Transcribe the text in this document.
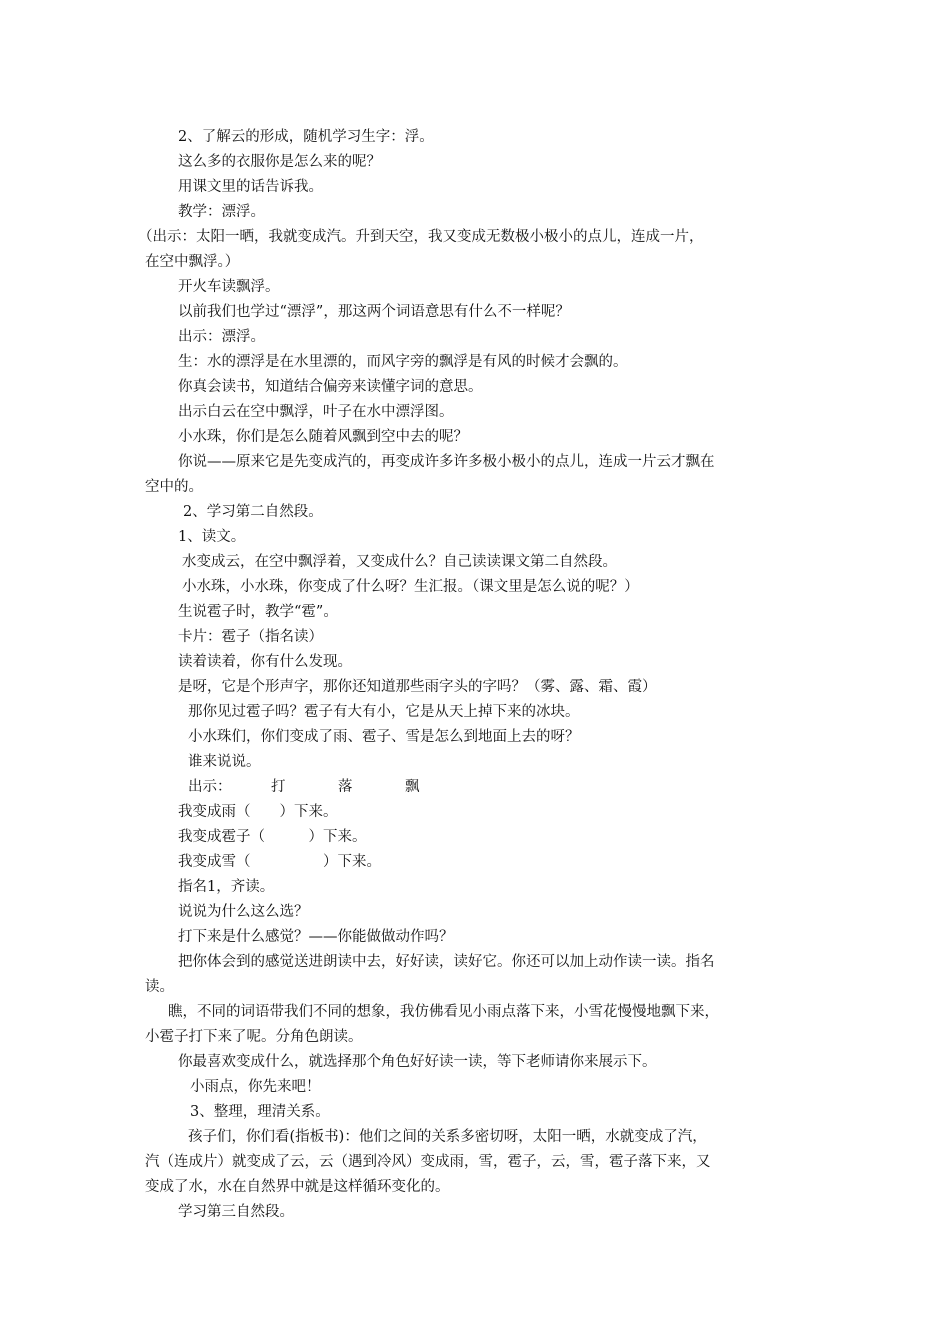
2、了解云的形成，随机学习生字：浮。
这么多的衣服你是怎么来的呢？
用课文里的话告诉我。
教学：漂浮。
（出示：太阳一晒，我就变成汽。升到天空，我又变成无数极小极小的点儿，连成一片，
在空中飘浮。）
开火车读飘浮。
以前我们也学过“漂浮”，那这两个词语意思有什么不一样呢？
出示：漂浮。
生：水的漂浮是在水里漂的，而风字旁的飘浮是有风的时候才会飘的。
你真会读书，知道结合偏旁来读懂字词的意思。
出示白云在空中飘浮，叶子在水中漂浮图。
小水珠，你们是怎么随着风飘到空中去的呢？
你说——原来它是先变成汽的，再变成许多许多极小极小的点儿，连成一片云才飘在
空中的。
2、学习第二自然段。
1、读文。
水变成云，在空中飘浮着，又变成什么？自己读读课文第二自然段。
小水珠，小水珠，你变成了什么呀？生汇报。（课文里是怎么说的呢？）
生说雹子时，教学“雹”。
卡片：雹子（指名读）
读着读着，你有什么发现。
是呀，它是个形声字，那你还知道那些雨字头的字吗？（雾、露、霜、霞）
那你见过雹子吗？雹子有大有小，它是从天上掉下来的冰块。
小水珠们，你们变成了雨、雹子、雪是怎么到地面上去的呀？
谁来说说。
出示：	打	落	飘
我变成雨（　　）下来。
我变成雹子（　　　）下来。
我变成雪（　　　　　）下来。
指名1，齐读。
说说为什么这么选？
打下来是什么感觉？——你能做做动作吗？
把你体会到的感觉送进朗读中去，好好读，读好它。你还可以加上动作读一读。指名
读。
瞧，不同的词语带我们不同的想象，我仿佛看见小雨点落下来，小雪花慢慢地飘下来，
小雹子打下来了呢。分角色朗读。
你最喜欢变成什么，就选择那个角色好好读一读，等下老师请你来展示下。
小雨点，你先来吧！
3、整理，理清关系。
孩子们，你们看(指板书)：他们之间的关系多密切呀，太阳一晒，水就变成了汽，
汽（连成片）就变成了云，云（遇到冷风）变成雨，雪，雹子，云，雪，雹子落下来，又
变成了水，水在自然界中就是这样循环变化的。
学习第三自然段。
